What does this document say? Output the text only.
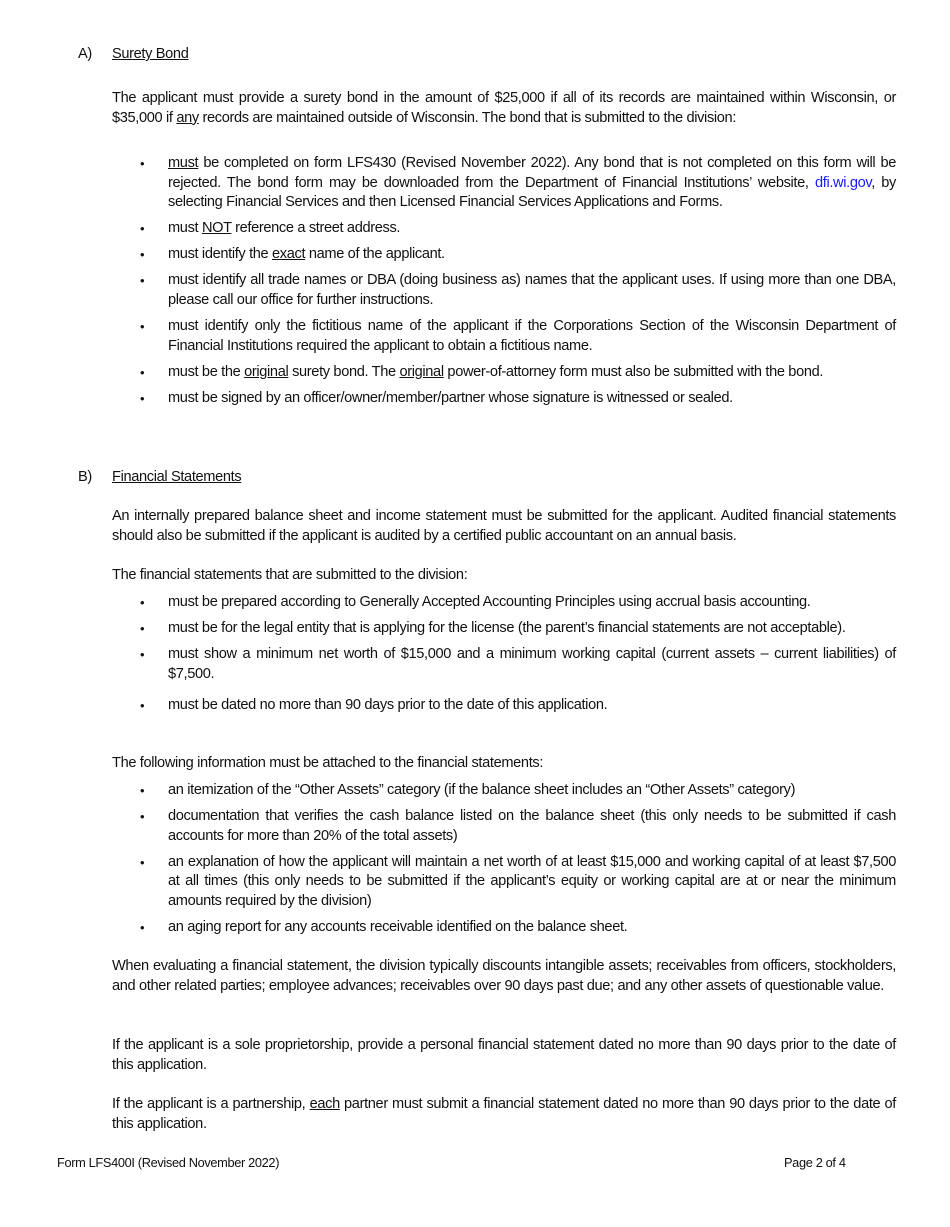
A) Surety Bond

The applicant must provide a surety bond in the amount of $25,000 if all of its records are maintained within Wisconsin, or $35,000 if any records are maintained outside of Wisconsin. The bond that is submitted to the division:

• must be completed on form LFS430 (Revised November 2022). Any bond that is not completed on this form will be rejected. The bond form may be downloaded from the Department of Financial Institutions’ website, dfi.wi.gov, by selecting Financial Services and then Licensed Financial Services Applications and Forms.
• must NOT reference a street address.
• must identify the exact name of the applicant.
• must identify all trade names or DBA (doing business as) names that the applicant uses. If using more than one DBA, please call our office for further instructions.
• must identify only the fictitious name of the applicant if the Corporations Section of the Wisconsin Department of Financial Institutions required the applicant to obtain a fictitious name.
• must be the original surety bond. The original power-of-attorney form must also be submitted with the bond.
• must be signed by an officer/owner/member/partner whose signature is witnessed or sealed.
B) Financial Statements

An internally prepared balance sheet and income statement must be submitted for the applicant. Audited financial statements should also be submitted if the applicant is audited by a certified public accountant on an annual basis.

The financial statements that are submitted to the division:

• must be prepared according to Generally Accepted Accounting Principles using accrual basis accounting.
• must be for the legal entity that is applying for the license (the parent’s financial statements are not acceptable).
• must show a minimum net worth of $15,000 and a minimum working capital (current assets – current liabilities) of $7,500.
• must be dated no more than 90 days prior to the date of this application.

The following information must be attached to the financial statements:

• an itemization of the “Other Assets” category (if the balance sheet includes an “Other Assets” category)
• documentation that verifies the cash balance listed on the balance sheet (this only needs to be submitted if cash accounts for more than 20% of the total assets)
• an explanation of how the applicant will maintain a net worth of at least $15,000 and working capital of at least $7,500 at all times (this only needs to be submitted if the applicant’s equity or working capital are at or near the minimum amounts required by the division)
• an aging report for any accounts receivable identified on the balance sheet.

When evaluating a financial statement, the division typically discounts intangible assets; receivables from officers, stockholders, and other related parties; employee advances; receivables over 90 days past due; and any other assets of questionable value.

If the applicant is a sole proprietorship, provide a personal financial statement dated no more than 90 days prior to the date of this application.

If the applicant is a partnership, each partner must submit a financial statement dated no more than 90 days prior to the date of this application.

Form LFS400I (Revised November 2022)	Page 2 of 4
